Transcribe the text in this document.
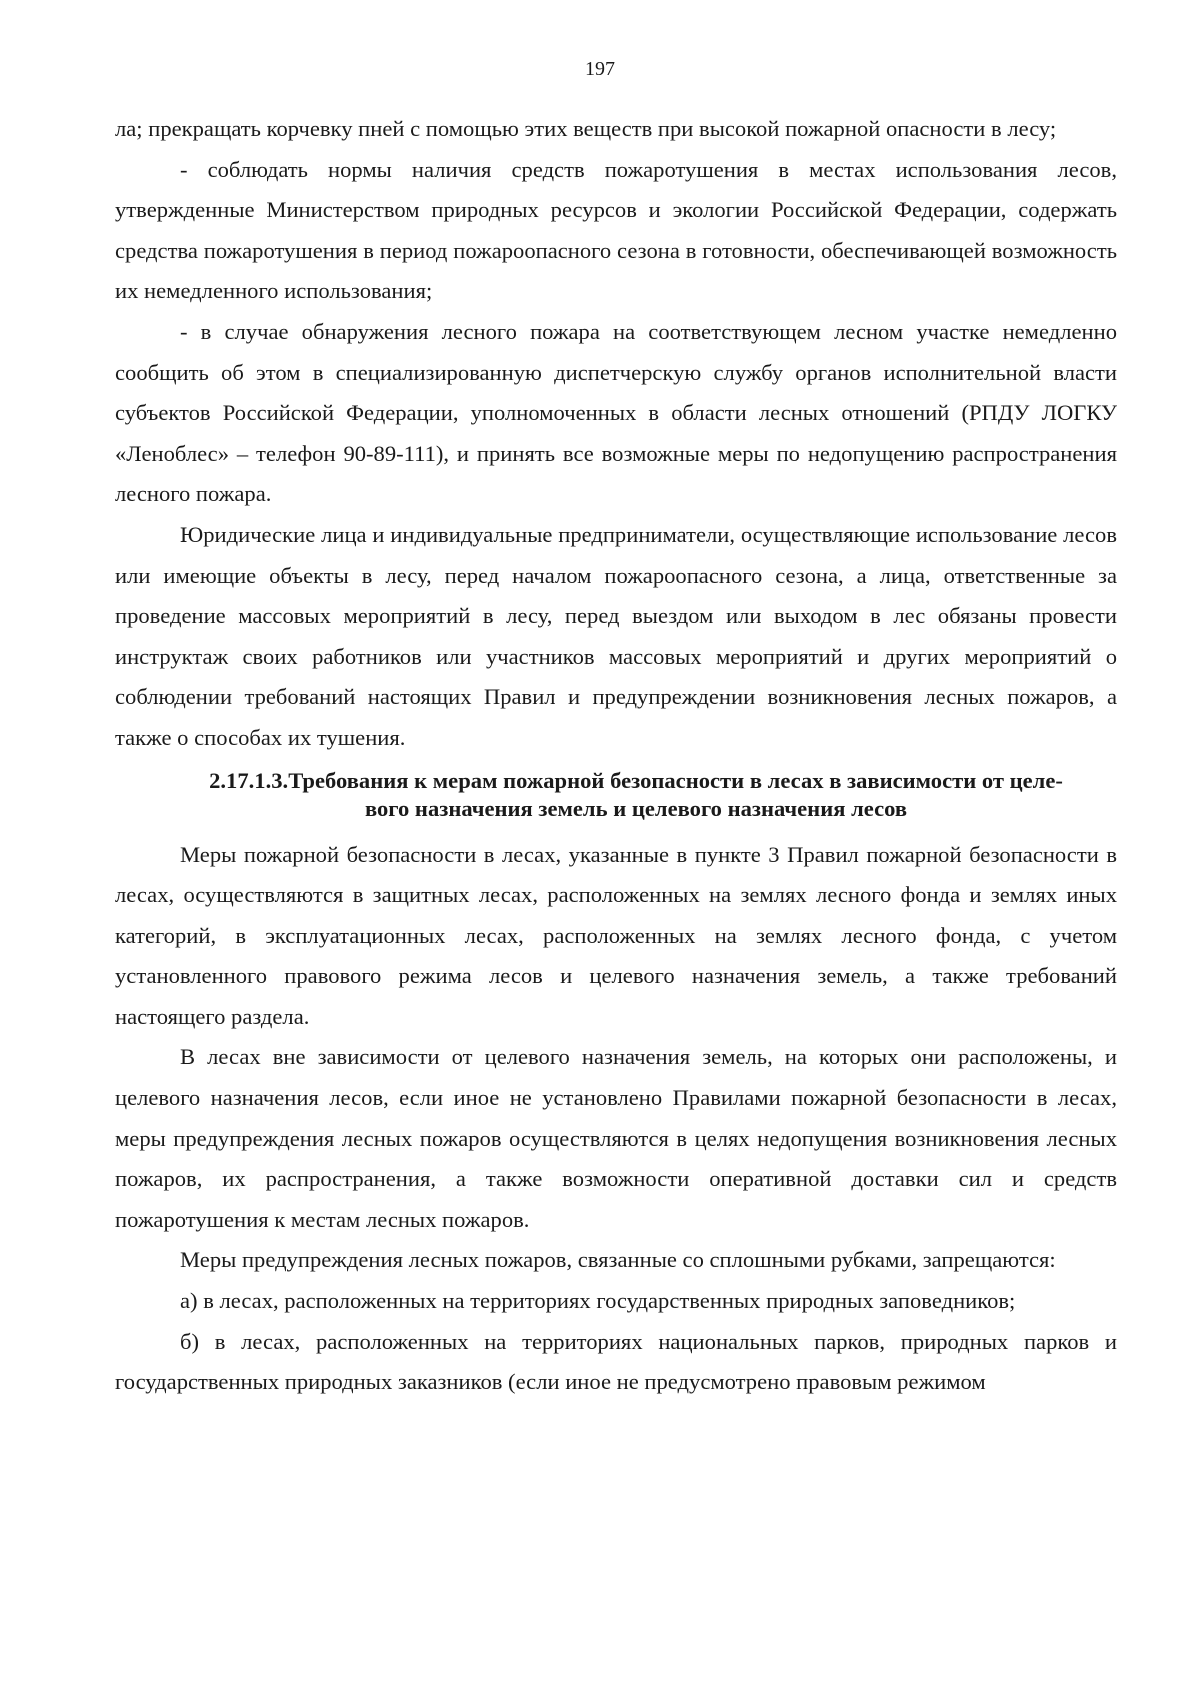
197

ла; прекращать корчевку пней с помощью этих веществ при высокой пожарной опасности в лесу;

- соблюдать нормы наличия средств пожаротушения в местах использования лесов, утвержденные Министерством природных ресурсов и экологии Российской Федерации, содержать средства пожаротушения в период пожароопасного сезона в готовности, обеспечивающей возможность их немедленного использования;

- в случае обнаружения лесного пожара на соответствующем лесном участке немедленно сообщить об этом в специализированную диспетчерскую службу органов исполнительной власти субъектов Российской Федерации, уполномоченных в области лесных отношений (РПДУ ЛОГКУ «Леноблес» – телефон 90-89-111), и принять все возможные меры по недопущению распространения лесного пожара.

Юридические лица и индивидуальные предприниматели, осуществляющие использование лесов или имеющие объекты в лесу, перед началом пожароопасного сезона, а лица, ответственные за проведение массовых мероприятий в лесу, перед выездом или выходом в лес обязаны провести инструктаж своих работников или участников массовых мероприятий и других мероприятий о соблюдении требований настоящих Правил и предупреждении возникновения лесных пожаров, а также о способах их тушения.

2.17.1.3.Требования к мерам пожарной безопасности в лесах в зависимости от целе-
вого назначения земель и целевого назначения лесов

Меры пожарной безопасности в лесах, указанные в пункте 3 Правил пожарной безопасности в лесах, осуществляются в защитных лесах, расположенных на землях лесного фонда и землях иных категорий, в эксплуатационных лесах, расположенных на землях лесного фонда, с учетом установленного правового режима лесов и целевого назначения земель, а также требований настоящего раздела.

В лесах вне зависимости от целевого назначения земель, на которых они расположены, и целевого назначения лесов, если иное не установлено Правилами пожарной безопасности в лесах, меры предупреждения лесных пожаров осуществляются в целях недопущения возникновения лесных пожаров, их распространения, а также возможности оперативной доставки сил и средств пожаротушения к местам лесных пожаров.

Меры предупреждения лесных пожаров, связанные со сплошными рубками, запрещаются:

а) в лесах, расположенных на территориях государственных природных заповедников;

б) в лесах, расположенных на территориях национальных парков, природных парков и государственных природных заказников (если иное не предусмотрено правовым режимом
